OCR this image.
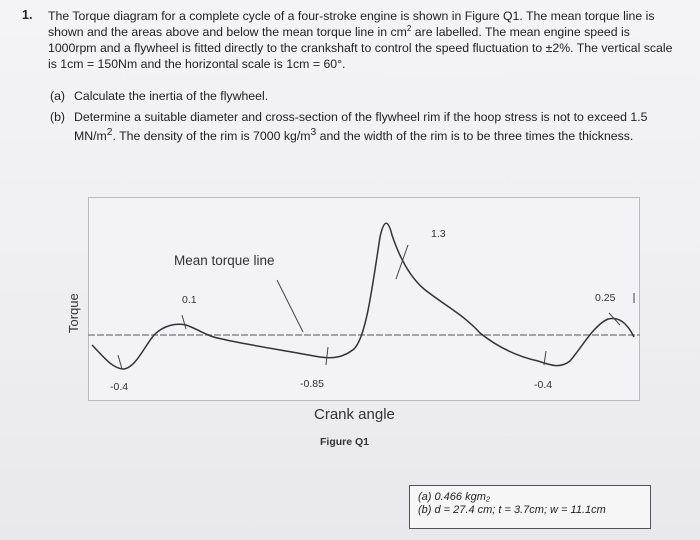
1. The Torque diagram for a complete cycle of a four-stroke engine is shown in Figure Q1. The mean torque line is shown and the areas above and below the mean torque line in $cm^2$ are labelled. The mean engine speed is 1000rpm and a flywheel is fitted directly to the crankshaft to control the speed fluctuation to ±2%. The vertical scale is 1cm = 150Nm and the horizontal scale is 1cm = 60°.

(a) Calculate the inertia of the flywheel.
(b) Determine a suitable diameter and cross-section of the flywheel rim if the hoop stress is not to exceed 1.5 $MN/m^2$. The density of the rim is 7000 $kg/m^3$ and the width of the rim is to be three times the thickness.
Torque
Mean torque line
-0.4
0.1
-0.85
1.3
-0.4
0.25
Crank angle
Figure Q1
(a) 0.466 kgm₂
(b) d = 27.4 cm; t = 3.7cm; w = 11.1cm
